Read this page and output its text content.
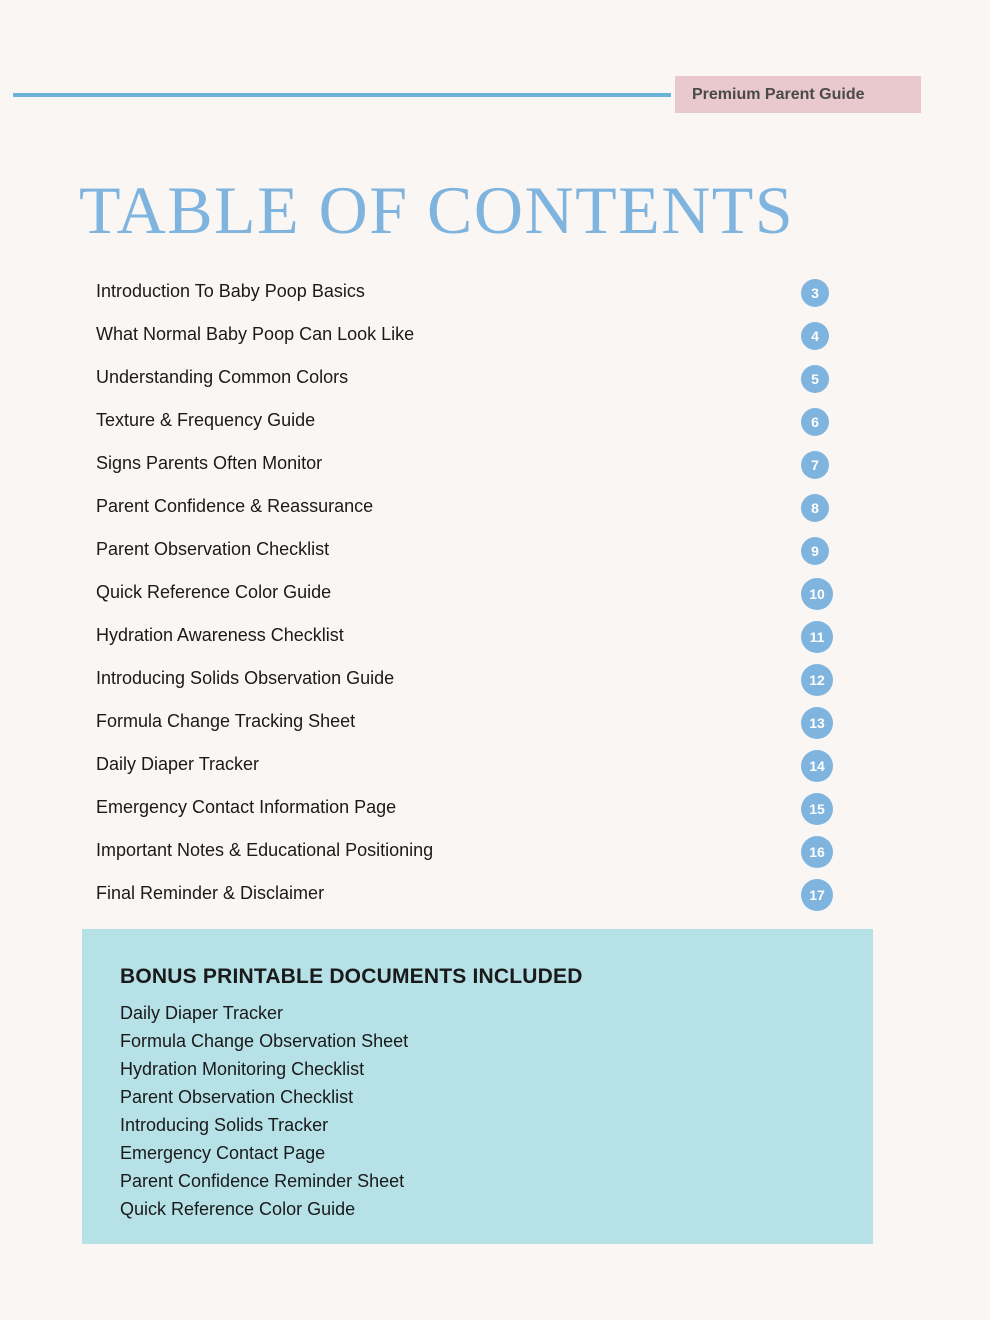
Premium Parent Guide
TABLE OF CONTENTS
Introduction To Baby Poop Basics	3
What Normal Baby Poop Can Look Like	4
Understanding Common Colors	5
Texture & Frequency Guide	6
Signs Parents Often Monitor	7
Parent Confidence & Reassurance	8
Parent Observation Checklist	9
Quick Reference Color Guide	10
Hydration Awareness Checklist	11
Introducing Solids Observation Guide	12
Formula Change Tracking Sheet	13
Daily Diaper Tracker	14
Emergency Contact Information Page	15
Important Notes & Educational Positioning	16
Final Reminder & Disclaimer	17
BONUS PRINTABLE DOCUMENTS INCLUDED
Daily Diaper Tracker
Formula Change Observation Sheet
Hydration Monitoring Checklist
Parent Observation Checklist
Introducing Solids Tracker
Emergency Contact Page
Parent Confidence Reminder Sheet
Quick Reference Color Guide
